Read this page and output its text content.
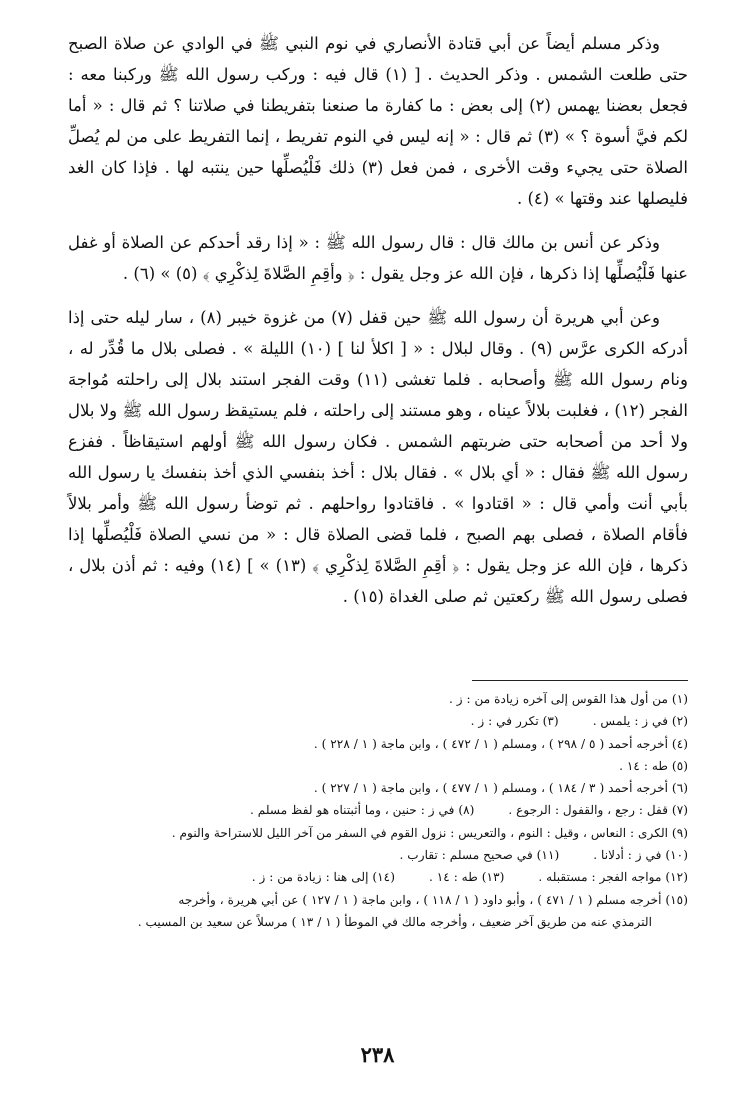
وذكر مسلم أيضاً عن أبي قتادة الأنصاري في نوم النبي ﷺ في الوادي عن صلاة الصبح حتى طلعت الشمس . وذكر الحديث . [ (١) قال فيه : وركب رسول الله ﷺ وركبنا معه : فجعل بعضنا يهمس (٢) إلى بعض : ما كفارة ما صنعنا بتفريطنا في صلاتنا ؟ ثم قال : « أما لكم فيَّ أسوة ؟ » (٣) ثم قال : « إنه ليس في النوم تفريط ، إنما التفريط على من لم يُصلِّ الصلاة حتى يجيء وقت الأخرى ، فمن فعل (٣) ذلك فَلْيُصلِّها حين ينتبه لها . فإذا كان الغد فليصلها عند وقتها » (٤) .

وذكر عن أنس بن مالك قال : قال رسول الله ﷺ : « إذا رقد أحدكم عن الصلاة أو غفل عنها فَلْيُصلِّها إذا ذكرها ، فإن الله عز وجل يقول : ﴿ وأقِمِ الصَّلاةَ لِذكْرِي ﴾ (٥) » (٦) .

وعن أبي هريرة أن رسول الله ﷺ حين قفل (٧) من غزوة خيبر (٨) ، سار ليله حتى إذا أدركه الكرى عرَّس (٩) . وقال لبلال : « [ اكلأ لنا ] (١٠) الليلة » . فصلى بلال ما قُدِّر له ، ونام رسول الله ﷺ وأصحابه . فلما تغشى (١١) وقت الفجر استند بلال إلى راحلته مُواجهَ الفجر (١٢) ، فغلبت بلالاً عيناه ، وهو مستند إلى راحلته ، فلم يستيقظ رسول الله ﷺ ولا بلال ولا أحد من أصحابه حتى ضربتهم الشمس . فكان رسول الله ﷺ أولهم استيقاظاً . ففزع رسول الله ﷺ فقال : « أي بلال » . فقال بلال : أخذ بنفسي الذي أخذ بنفسك يا رسول الله بأبي أنت وأمي قال : « اقتادوا » . فاقتادوا رواحلهم . ثم توضأ رسول الله ﷺ وأمر بلالاً فأقام الصلاة ، فصلى بهم الصبح ، فلما قضى الصلاة قال : « من نسي الصلاة فَلْيُصلِّها إذا ذكرها ، فإن الله عز وجل يقول : ﴿ أقِمِ الصَّلاةَ لِذكْرِي ﴾ (١٣) » ] (١٤) وفيه : ثم أذن بلال ، فصلى رسول الله ﷺ ركعتين ثم صلى الغداة (١٥) .

(١) من أول هذا القوس إلى آخره زيادة من : ز .
(٢) في ز : يلمس .
(٣) تكرر في : ز .
(٤) أخرجه أحمد ( ٥ / ٢٩٨ ) ، ومسلم ( ١ / ٤٧٢ ) ، وابن ماجة ( ١ / ٢٢٨ ) .
(٥) طه : ١٤ .
(٦) أخرجه أحمد ( ٣ / ١٨٤ ) ، ومسلم ( ١ / ٤٧٧ ) ، وابن ماجة ( ١ / ٢٢٧ ) .
(٧) قفل : رجع ، والقفول : الرجوع .
(٨) في ز : حنين ، وما أثبتناه هو لفظ مسلم .
(٩) الكرى : النعاس ، وقيل : النوم ، والتعريس : نزول القوم في السفر من آخر الليل للاستراحة والنوم .
(١٠) في ز : أدلانا .
(١١) في صحيح مسلم : تقارب .
(١٢) مواجه الفجر : مستقبله .
(١٣) طه : ١٤ .
(١٤) إلى هنا : زيادة من : ز .
(١٥) أخرجه مسلم ( ١ / ٤٧١ ) ، وأبو داود ( ١ / ١١٨ ) ، وابن ماجة ( ١ / ١٢٧ ) عن أبي هريرة ، وأخرجه
الترمذي عنه من طريق آخر ضعيف ، وأخرجه مالك في الموطأ ( ١ / ١٣ ) مرسلاً عن سعيد بن المسيب .
٢٣٨
